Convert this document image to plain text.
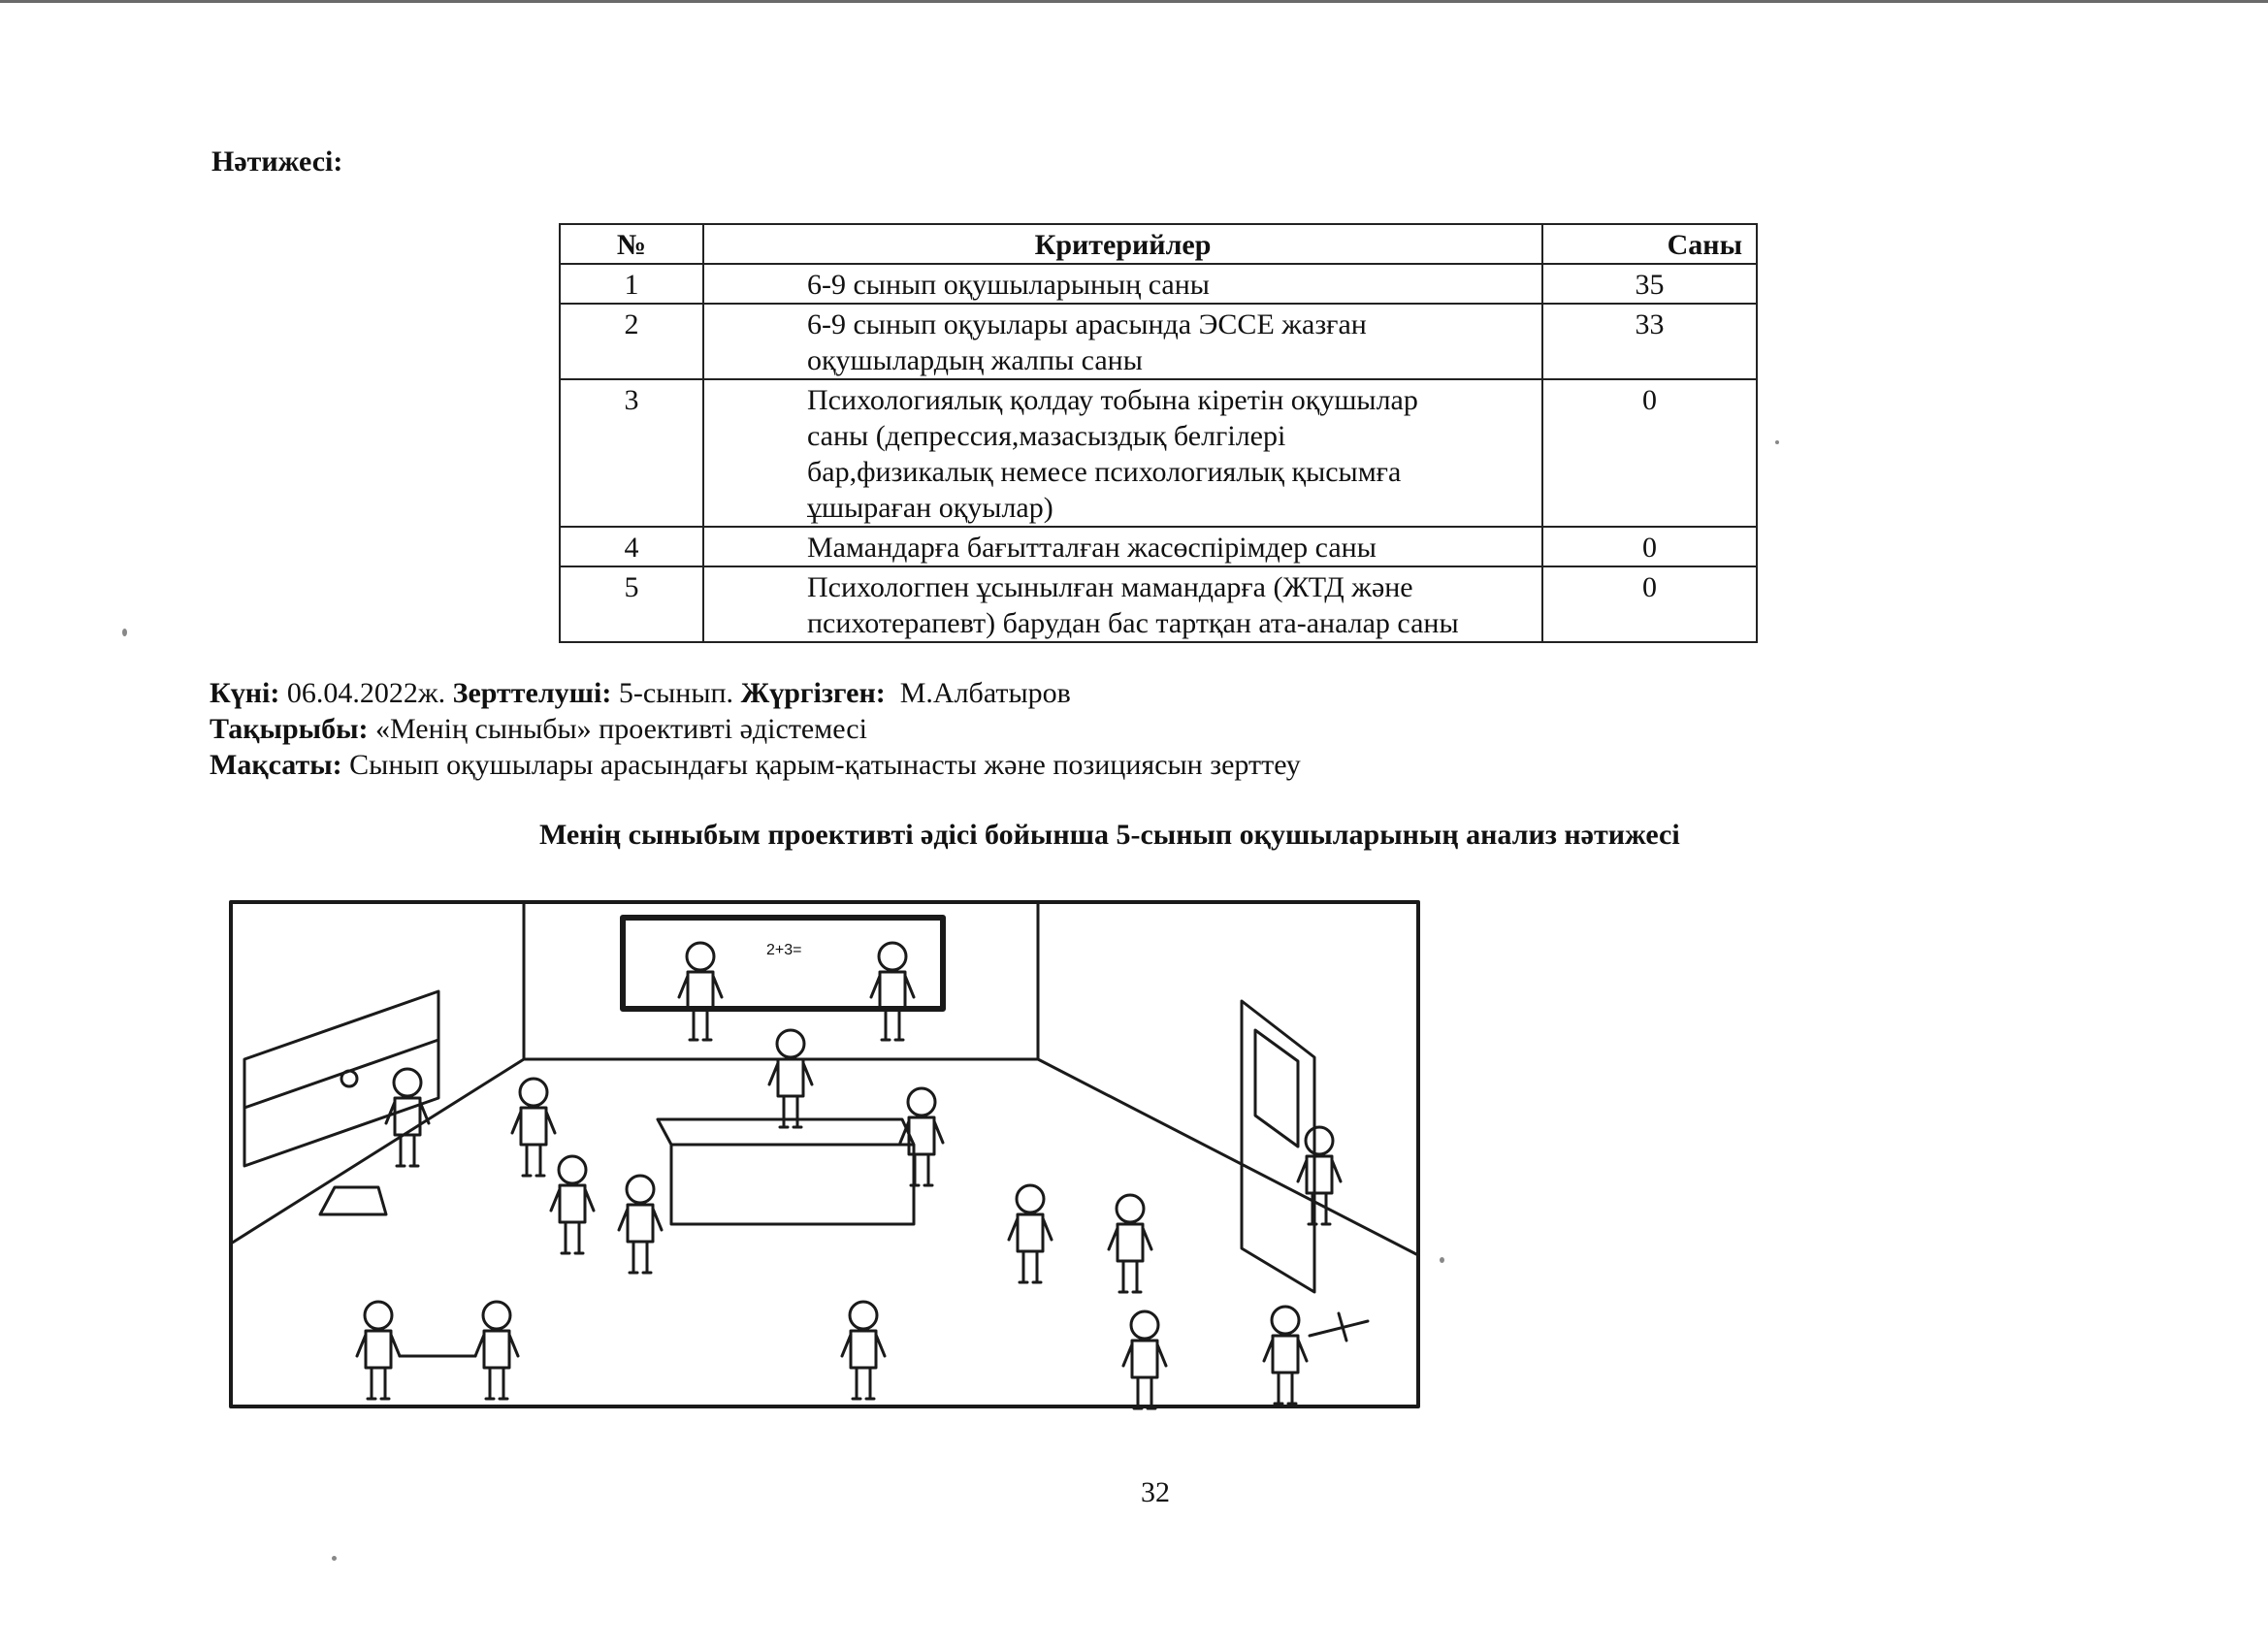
Нәтижесі:
№	Критерийлер	Саны
1	6-9 сынып оқушыларының саны	35
2	6-9 сынып оқуылары арасында ЭССЕ жазған
оқушылардың жалпы саны	33
3	Психологиялық қолдау тобына кіретін оқушылар
саны (депрессия,мазасыздық белгілері
бар,физикалық немесе психологиялық қысымға
ұшыраған оқуылар)	0
4	Мамандарға бағытталған жасөспірімдер саны	0
5	Психологпен ұсынылған мамандарға (ЖТД және
психотерапевт) барудан бас тартқан ата-аналар саны	0

Күні: 06.04.2022ж. Зерттелуші: 5-сынып. Жүргізген: М.Албатыров

Тақырыбы: «Менің сыныбы» проективті әдістемесі

Мақсаты: Сынып оқушылары арасындағы қарым-қатынасты және позициясын зерттеу

Менің сыныбым проективті әдісі бойынша 5-сынып оқушыларының анализ нәтижесі
2+3=

32
